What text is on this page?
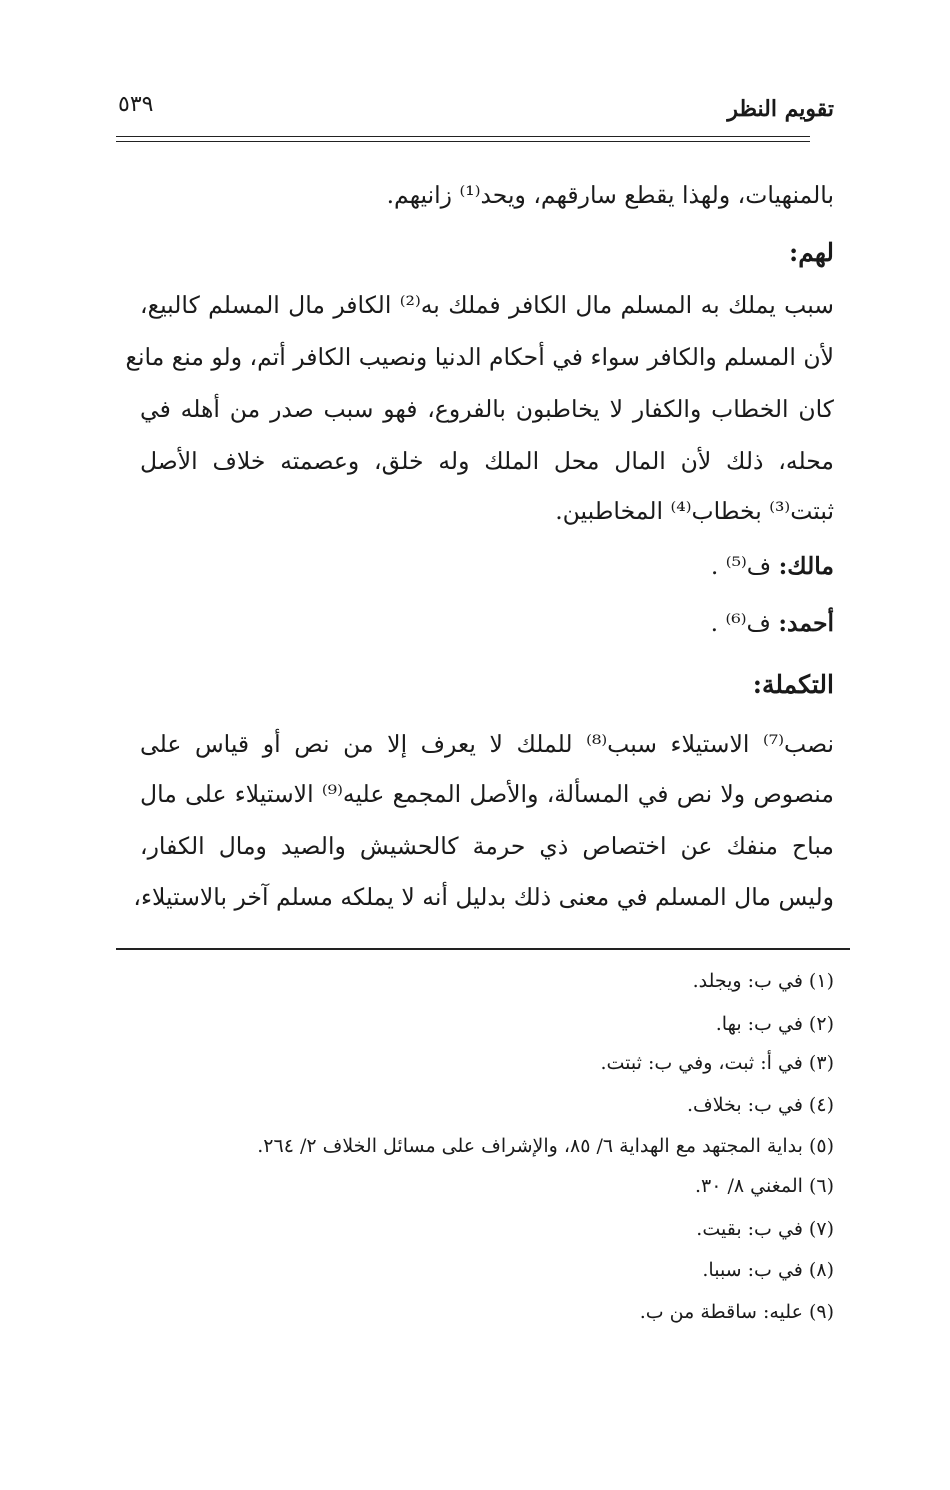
تقويم النظر
٥٣٩
بالمنهيات، ولهذا يقطع سارقهم، ويحد⁽¹⁾ زانيهم.
لهم:
سبب يملك به المسلم مال الكافر فملك به⁽²⁾ الكافر مال المسلم كالبيع،
لأن المسلم والكافر سواء في أحكام الدنيا ونصيب الكافر أتم، ولو منع مانع
كان الخطاب والكفار لا يخاطبون بالفروع، فهو سبب صدر من أهله في
محله، ذلك لأن المال محل الملك وله خلق، وعصمته خلاف الأصل
ثبتت⁽³⁾ بخطاب⁽⁴⁾ المخاطبين.
مالك: ف⁽⁵⁾ .
أحمد: ف⁽⁶⁾ .
التكملة:
نصب⁽⁷⁾ الاستيلاء سبب⁽⁸⁾ للملك لا يعرف إلا من نص أو قياس على
منصوص ولا نص في المسألة، والأصل المجمع عليه⁽⁹⁾ الاستيلاء على مال
مباح منفك عن اختصاص ذي حرمة كالحشيش والصيد ومال الكفار،
وليس مال المسلم في معنى ذلك بدليل أنه لا يملكه مسلم آخر بالاستيلاء،
(١) في ب: ويجلد.
(٢) في ب: بها.
(٣) في أ: ثبت، وفي ب: ثبتت.
(٤) في ب: بخلاف.
(٥) بداية المجتهد مع الهداية ٦/ ٨٥، والإشراف على مسائل الخلاف ٢/ ٢٦٤.
(٦) المغني ٨/ ٣٠.
(٧) في ب: بقيت.
(٨) في ب: سببا.
(٩) عليه: ساقطة من ب.
